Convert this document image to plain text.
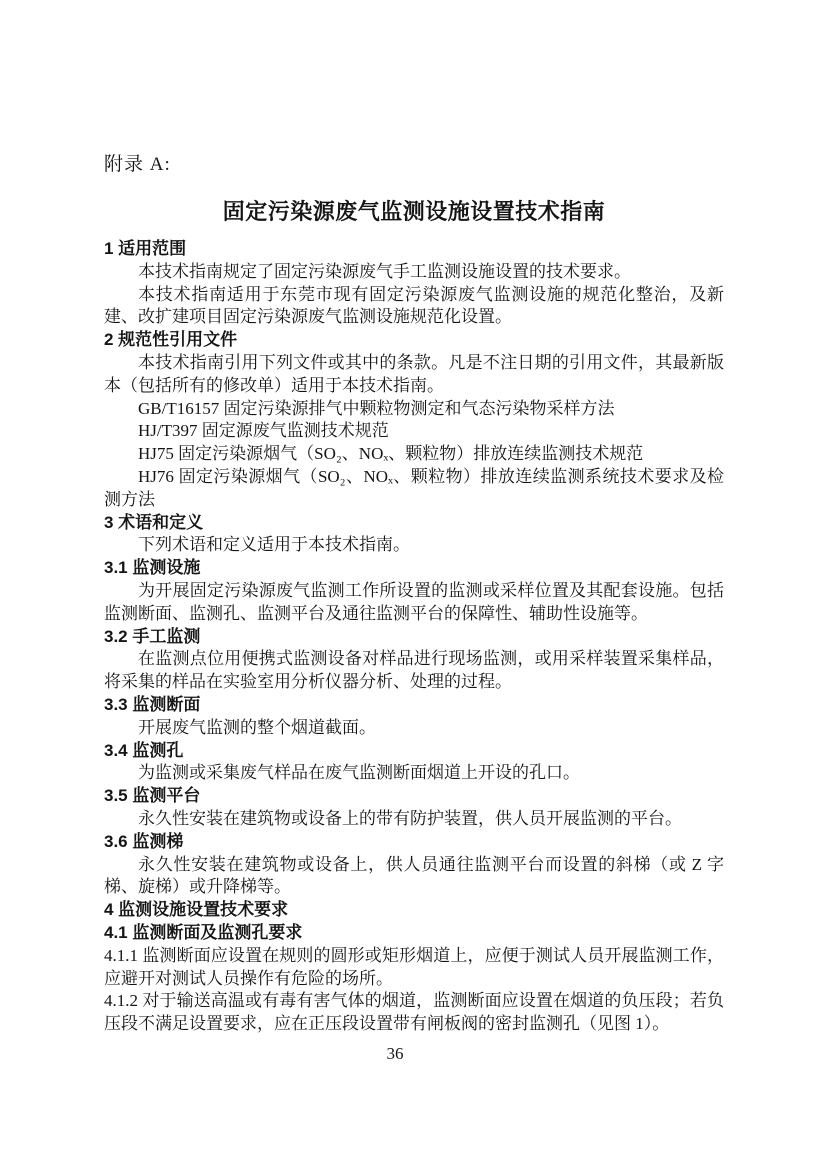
附录 A:

固定污染源废气监测设施设置技术指南

1 适用范围

本技术指南规定了固定污染源废气手工监测设施设置的技术要求。

本技术指南适用于东莞市现有固定污染源废气监测设施的规范化整治，及新建、改扩建项目固定污染源废气监测设施规范化设置。

2 规范性引用文件

本技术指南引用下列文件或其中的条款。凡是不注日期的引用文件，其最新版本（包括所有的修改单）适用于本技术指南。

GB/T16157 固定污染源排气中颗粒物测定和气态污染物采样方法

HJ/T397 固定源废气监测技术规范

HJ75 固定污染源烟气（SO₂、NOₓ、颗粒物）排放连续监测技术规范

HJ76 固定污染源烟气（SO₂、NOₓ、颗粒物）排放连续监测系统技术要求及检测方法

3 术语和定义

下列术语和定义适用于本技术指南。

3.1 监测设施

为开展固定污染源废气监测工作所设置的监测或采样位置及其配套设施。包括监测断面、监测孔、监测平台及通往监测平台的保障性、辅助性设施等。

3.2 手工监测

在监测点位用便携式监测设备对样品进行现场监测，或用采样装置采集样品，将采集的样品在实验室用分析仪器分析、处理的过程。

3.3 监测断面

开展废气监测的整个烟道截面。

3.4 监测孔

为监测或采集废气样品在废气监测断面烟道上开设的孔口。

3.5 监测平台

永久性安装在建筑物或设备上的带有防护装置，供人员开展监测的平台。

3.6 监测梯

永久性安装在建筑物或设备上，供人员通往监测平台而设置的斜梯（或 Z 字梯、旋梯）或升降梯等。

4 监测设施设置技术要求

4.1 监测断面及监测孔要求

4.1.1 监测断面应设置在规则的圆形或矩形烟道上，应便于测试人员开展监测工作，应避开对测试人员操作有危险的场所。

4.1.2 对于输送高温或有毒有害气体的烟道，监测断面应设置在烟道的负压段；若负压段不满足设置要求，应在正压段设置带有闸板阀的密封监测孔（见图 1）。

36
